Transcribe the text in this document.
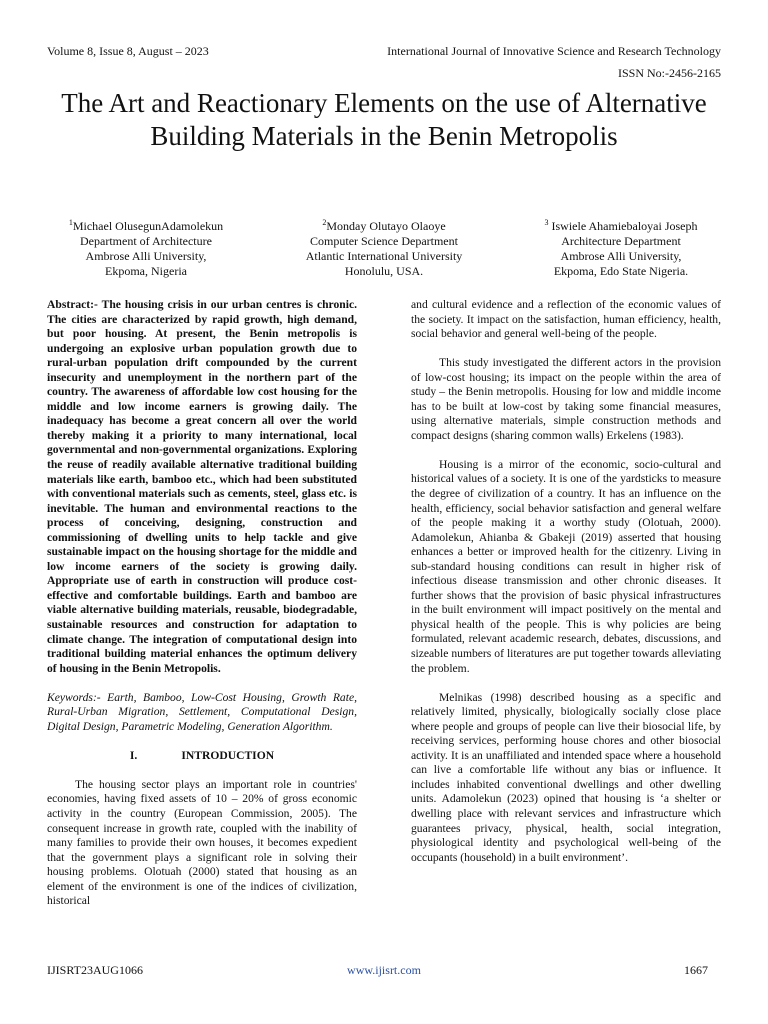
Volume 8, Issue 8, August – 2023	International Journal of Innovative Science and Research Technology
ISSN No:-2456-2165
The Art and Reactionary Elements on the use of Alternative Building Materials in the Benin Metropolis
$^1$Michael OlusegunAdamolekun
Department of Architecture
Ambrose Alli University,
Ekpoma, Nigeria
$^2$Monday Olutayo Olaoye
Computer Science Department
Atlantic International University
Honolulu, USA.
$^3$ Iswiele Ahamiebaloyai Joseph
Architecture Department
Ambrose Alli University,
Ekpoma, Edo State Nigeria.

Abstract:- The housing crisis in our urban centres is chronic. The cities are characterized by rapid growth, high demand, but poor housing. At present, the Benin metropolis is undergoing an explosive urban population growth due to rural-urban population drift compounded by the current insecurity and unemployment in the northern part of the country. The awareness of affordable low cost housing for the middle and low income earners is growing daily. The inadequacy has become a great concern all over the world thereby making it a priority to many international, local governmental and non-governmental organizations. Exploring the reuse of readily available alternative traditional building materials like earth, bamboo etc., which had been substituted with conventional materials such as cements, steel, glass etc. is inevitable. The human and environmental reactions to the process of conceiving, designing, construction and commissioning of dwelling units to help tackle and give sustainable impact on the housing shortage for the middle and low income earners of the society is growing daily. Appropriate use of earth in construction will produce cost-effective and comfortable buildings. Earth and bamboo are viable alternative building materials, reusable, biodegradable, sustainable resources and construction for adaptation to climate change. The integration of computational design into traditional building material enhances the optimum delivery of housing in the Benin Metropolis.

Keywords:- Earth, Bamboo, Low-Cost Housing, Growth Rate, Rural-Urban Migration, Settlement, Computational Design, Digital Design, Parametric Modeling, Generation Algorithm.

I.	INTRODUCTION

The housing sector plays an important role in countries' economies, having fixed assets of 10 – 20% of gross economic activity in the country (European Commission, 2005). The consequent increase in growth rate, coupled with the inability of many families to provide their own houses, it becomes expedient that the government plays a significant role in solving their housing problems. Olotuah (2000) stated that housing as an element of the environment is one of the indices of civilization, historical

and cultural evidence and a reflection of the economic values of the society. It impact on the satisfaction, human efficiency, health, social behavior and general well-being of the people.

This study investigated the different actors in the provision of low-cost housing; its impact on the people within the area of study – the Benin metropolis. Housing for low and middle income has to be built at low-cost by taking some financial measures, using alternative materials, simple construction methods and compact designs (sharing common walls) Erkelens (1983).

Housing is a mirror of the economic, socio-cultural and historical values of a society. It is one of the yardsticks to measure the degree of civilization of a country. It has an influence on the health, efficiency, social behavior satisfaction and general welfare of the people making it a worthy study (Olotuah, 2000). Adamolekun, Ahianba & Gbakeji (2019) asserted that housing enhances a better or improved health for the citizenry. Living in sub-standard housing conditions can result in higher risk of infectious disease transmission and other chronic diseases. It further shows that the provision of basic physical infrastructures in the built environment will impact positively on the mental and physical health of the people. This is why policies are being formulated, relevant academic research, debates, discussions, and sizeable numbers of literatures are put together towards alleviating the problem.

Melnikas (1998) described housing as a specific and relatively limited, physically, biologically socially close place where people and groups of people can live their biosocial life, by receiving services, performing house chores and other biosocial activity. It is an unaffiliated and intended space where a household can live a comfortable life without any bias or influence. It includes inhabited conventional dwellings and other dwelling units. Adamolekun (2023) opined that housing is ‘a shelter or dwelling place with relevant services and infrastructure which guarantees privacy, physical, health, social integration, physiological identity and psychological well-being of the occupants (household) in a built environment’.

IJISRT23AUG1066	www.ijisrt.com	1667
